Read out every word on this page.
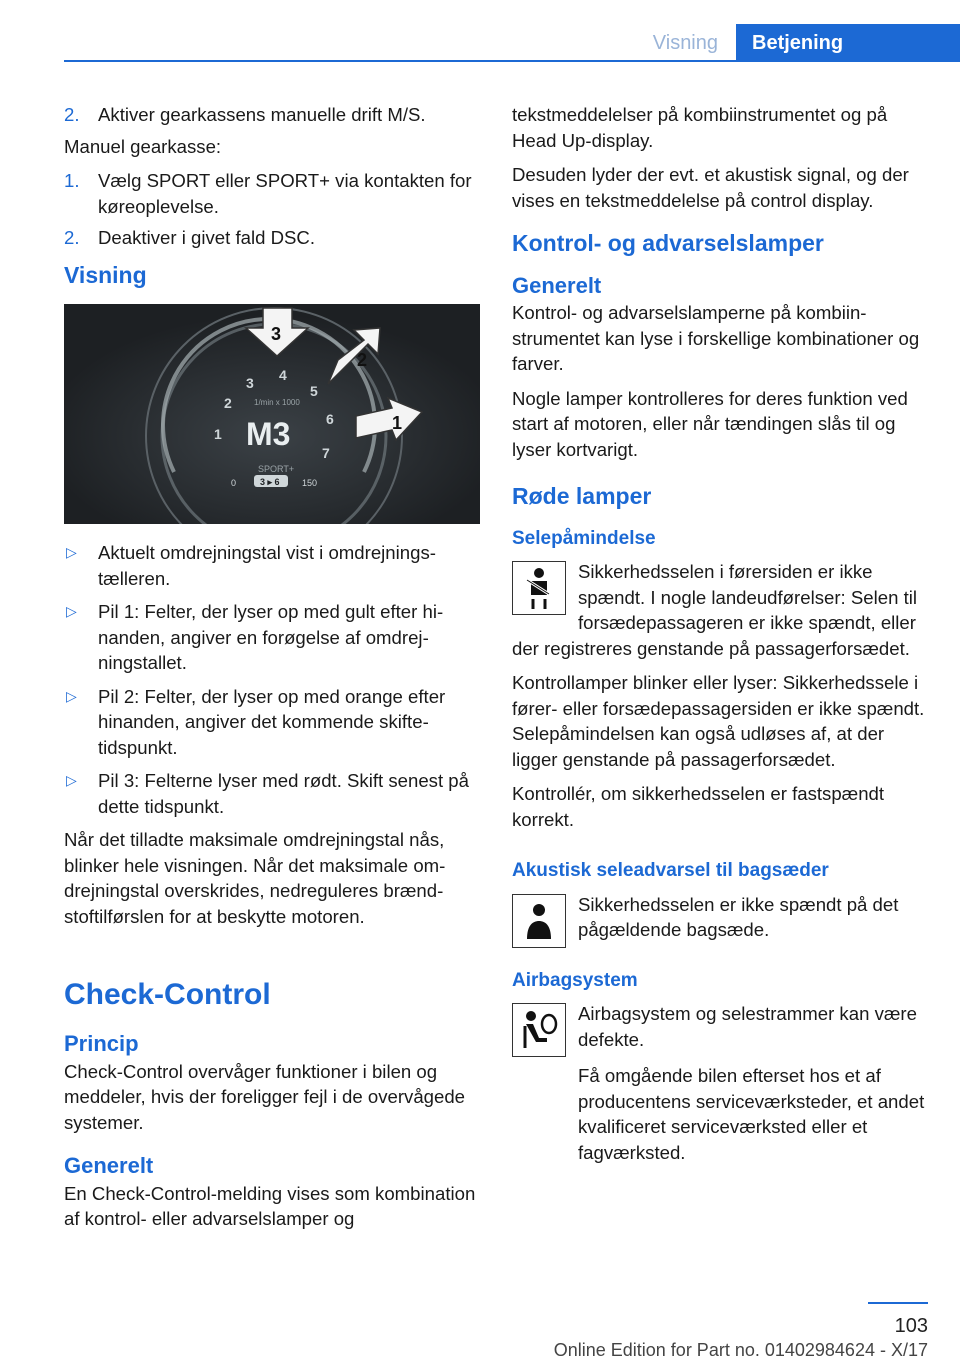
Visning	Betjening
2. Aktiver gearkassens manuelle drift M/S.

Manuel gearkasse:

1. Vælg SPORT eller SPORT+ via kontakten for køreoplevelse.
2. Deaktiver i givet fald DSC.
Visning
1
2
3 4
5
6
7
1/min x 1000
M3
SPORT+
3 ▸ 6
0	150
3
2
1
▷	Aktuelt omdrejningstal vist i omdrejningstælleren.
▷	Pil 1: Felter, der lyser op med gult efter hinanden, angiver en forøgelse af omdrejningstallet.
▷	Pil 2: Felter, der lyser op med orange efter hinanden, angiver det kommende skiftetidspunkt.
▷	Pil 3: Felterne lyser med rødt. Skift senest på dette tidspunkt.

Når det tilladte maksimale omdrejningstal nås, blinker hele visningen. Når det maksimale omdrejningstal overskrides, nedreguleres brændstoftilførslen for at beskytte motoren.

Check-Control
Princip

Check-Control overvåger funktioner i bilen og meddeler, hvis der foreligger fejl i de overvågede systemer.

Generelt

En Check-Control-melding vises som kombination af kontrol- eller advarselslamper og

tekstmeddelelser på kombiinstrumentet og på Head Up-display.

Desuden lyder der evt. et akustisk signal, og der vises en tekstmeddelelse på control display.

Kontrol- og advarselslamper
Generelt

Kontrol- og advarselslamperne på kombiinstrumentet kan lyse i forskellige kombinationer og farver.

Nogle lamper kontrolleres for deres funktion ved start af motoren, eller når tændingen slås til og lyser kortvarigt.

Røde lamper
Selepåmindelse
Sikkerhedsselen i førersiden er ikke spændt. I nogle landeudførelser: Selen til forsædepassageren er ikke spændt, eller der registreres genstande på passagerforsædet.

Kontrollamper blinker eller lyser: Sikkerhedssele i fører- eller forsædepassagersiden er ikke spændt. Selepåmindelsen kan også udløses af, at der ligger genstande på passagerforsædet.

Kontrollér, om sikkerhedsselen er fastspændt korrekt.

Akustisk seleadvarsel til bagsæder
Sikkerhedsselen er ikke spændt på det pågældende bagsæde.
Airbagsystem
Airbagsystem og selestrammer kan være defekte.

Få omgående bilen efterset hos et af producentens serviceværksteder, et andet kvalificeret serviceværksted eller et fagværksted.

103
Online Edition for Part no. 01402984624 - X/17
